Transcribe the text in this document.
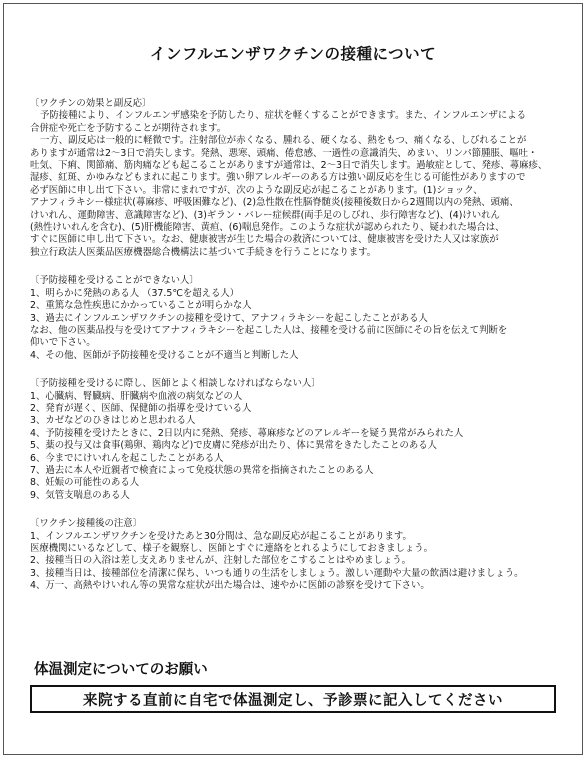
インフルエンザワクチンの接種について
〔ワクチンの効果と副反応〕
予防接種により、インフルエンザ感染を予防したり、症状を軽くすることができます。また、インフルエンザによる
合併症や死亡を予防することが期待されます。
一方、副反応は一般的に軽微です。注射部位が赤くなる、腫れる、硬くなる、熱をもつ、痛くなる、しびれることが
ありますが通常は2～3日で消失します。発熱、悪寒、頭痛、倦怠感、一過性の意識消失、めまい、リンパ節腫脹、嘔吐・
吐気、下痢、関節痛、筋肉痛なども起こることがありますが通常は、2～3日で消失します。過敏症として、発疹、蕁麻疹、
湿疹、紅斑、かゆみなどもまれに起こります。強い卵アレルギーのある方は強い副反応を生じる可能性がありますので
必ず医師に申し出て下さい。非常にまれですが、次のような副反応が起こることがあります。(1)ショック、
アナフィラキシー様症状(蕁麻疹、呼吸困難など)、(2)急性散在性脳脊髄炎(接種後数日から2週間以内の発熱、頭痛、
けいれん、運動障害、意識障害など)、(3)ギラン・バレー症候群(両手足のしびれ、歩行障害など)、(4)けいれん
(熱性けいれんを含む)、(5)肝機能障害、黄疸、(6)喘息発作。このような症状が認められたり、疑われた場合は、
すぐに医師に申し出て下さい。なお、健康被害が生じた場合の救済については、健康被害を受けた人又は家族が
独立行政法人医薬品医療機器総合機構法に基づいて手続きを行うことになります。
〔予防接種を受けることができない人〕
1、明らかに発熱のある人 （37.5℃を超える人）
2、重篤な急性疾患にかかっていることが明らかな人
3、過去にインフルエンザワクチンの接種を受けて、アナフィラキシーを起こしたことがある人
なお、他の医薬品投与を受けてアナフィラキシーを起こした人は、接種を受ける前に医師にその旨を伝えて判断を
仰いで下さい。
4、その他、医師が予防接種を受けることが不適当と判断した人
〔予防接種を受けるに際し、医師とよく相談しなければならない人〕
1、心臓病、腎臓病、肝臓病や血液の病気などの人
2、発育が遅く、医師、保健師の指導を受けている人
3、カゼなどのひきはじめと思われる人
4、予防接種を受けたときに、2日以内に発熱、発疹、蕁麻疹などのアレルギーを疑う異常がみられた人
5、薬の投与又は食事(鶏卵、鶏肉など)で皮膚に発疹が出たり、体に異常をきたしたことのある人
6、今までにけいれんを起こしたことがある人
7、過去に本人や近親者で検査によって免疫状態の異常を指摘されたことのある人
8、妊娠の可能性のある人
9、気管支喘息のある人
〔ワクチン接種後の注意〕
1、インフルエンザワクチンを受けたあと30分間は、急な副反応が起こることがあります。
医療機関にいるなどして、様子を観察し、医師とすぐに連絡をとれるようにしておきましょう。
2、接種当日の入浴は差し支えありませんが、注射した部位をこすることはやめましょう。
3、接種当日は、接種部位を清潔に保ち、いつも通りの生活をしましょう。激しい運動や大量の飲酒は避けましょう。
4、万一、高熱やけいれん等の異常な症状が出た場合は、速やかに医師の診察を受けて下さい。
体温測定についてのお願い
来院する直前に自宅で体温測定し、予診票に記入してください
